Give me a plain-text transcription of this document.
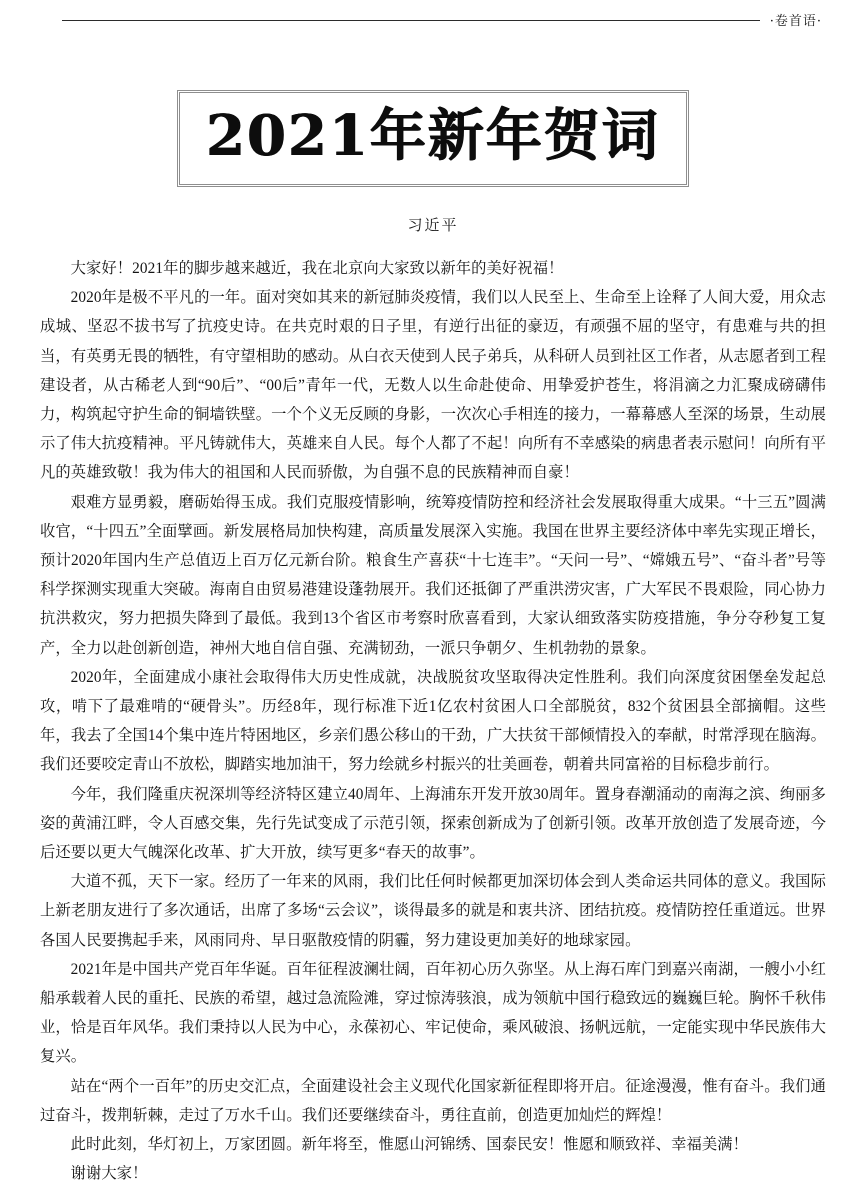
·卷首语·
2021年新年贺词
习近平

大家好！2021年的脚步越来越近，我在北京向大家致以新年的美好祝福！

2020年是极不平凡的一年。面对突如其来的新冠肺炎疫情，我们以人民至上、生命至上诠释了人间大爱，用众志成城、坚忍不拔书写了抗疫史诗。在共克时艰的日子里，有逆行出征的豪迈，有顽强不屈的坚守，有患难与共的担当，有英勇无畏的牺牲，有守望相助的感动。从白衣天使到人民子弟兵，从科研人员到社区工作者，从志愿者到工程建设者，从古稀老人到“90后”、“00后”青年一代，无数人以生命赴使命、用挚爱护苍生，将涓滴之力汇聚成磅礴伟力，构筑起守护生命的铜墙铁壁。一个个义无反顾的身影，一次次心手相连的接力，一幕幕感人至深的场景，生动展示了伟大抗疫精神。平凡铸就伟大，英雄来自人民。每个人都了不起！向所有不幸感染的病患者表示慰问！向所有平凡的英雄致敬！我为伟大的祖国和人民而骄傲，为自强不息的民族精神而自豪！

艰难方显勇毅，磨砺始得玉成。我们克服疫情影响，统筹疫情防控和经济社会发展取得重大成果。“十三五”圆满收官，“十四五”全面擘画。新发展格局加快构建，高质量发展深入实施。我国在世界主要经济体中率先实现正增长，预计2020年国内生产总值迈上百万亿元新台阶。粮食生产喜获“十七连丰”。“天问一号”、“嫦娥五号”、“奋斗者”号等科学探测实现重大突破。海南自由贸易港建设蓬勃展开。我们还抵御了严重洪涝灾害，广大军民不畏艰险，同心协力抗洪救灾，努力把损失降到了最低。我到13个省区市考察时欣喜看到，大家认细致落实防疫措施，争分夺秒复工复产，全力以赴创新创造，神州大地自信自强、充满韧劲，一派只争朝夕、生机勃勃的景象。

2020年，全面建成小康社会取得伟大历史性成就，决战脱贫攻坚取得决定性胜利。我们向深度贫困堡垒发起总攻，啃下了最难啃的“硬骨头”。历经8年，现行标准下近1亿农村贫困人口全部脱贫，832个贫困县全部摘帽。这些年，我去了全国14个集中连片特困地区，乡亲们愚公移山的干劲，广大扶贫干部倾情投入的奉献，时常浮现在脑海。我们还要咬定青山不放松，脚踏实地加油干，努力绘就乡村振兴的壮美画卷，朝着共同富裕的目标稳步前行。

今年，我们隆重庆祝深圳等经济特区建立40周年、上海浦东开发开放30周年。置身春潮涌动的南海之滨、绚丽多姿的黄浦江畔，令人百感交集，先行先试变成了示范引领，探索创新成为了创新引领。改革开放创造了发展奇迹，今后还要以更大气魄深化改革、扩大开放，续写更多“春天的故事”。

大道不孤，天下一家。经历了一年来的风雨，我们比任何时候都更加深切体会到人类命运共同体的意义。我国际上新老朋友进行了多次通话，出席了多场“云会议”，谈得最多的就是和衷共济、团结抗疫。疫情防控任重道远。世界各国人民要携起手来，风雨同舟、早日驱散疫情的阴霾，努力建设更加美好的地球家园。

2021年是中国共产党百年华诞。百年征程波澜壮阔，百年初心历久弥坚。从上海石库门到嘉兴南湖，一艘小小红船承载着人民的重托、民族的希望，越过急流险滩，穿过惊涛骇浪，成为领航中国行稳致远的巍巍巨轮。胸怀千秋伟业，恰是百年风华。我们秉持以人民为中心，永葆初心、牢记使命，乘风破浪、扬帆远航，一定能实现中华民族伟大复兴。

站在“两个一百年”的历史交汇点，全面建设社会主义现代化国家新征程即将开启。征途漫漫，惟有奋斗。我们通过奋斗，拨荆斩棘，走过了万水千山。我们还要继续奋斗，勇往直前，创造更加灿烂的辉煌！

此时此刻，华灯初上，万家团圆。新年将至，惟愿山河锦绣、国泰民安！惟愿和顺致祥、幸福美满！

谢谢大家！
